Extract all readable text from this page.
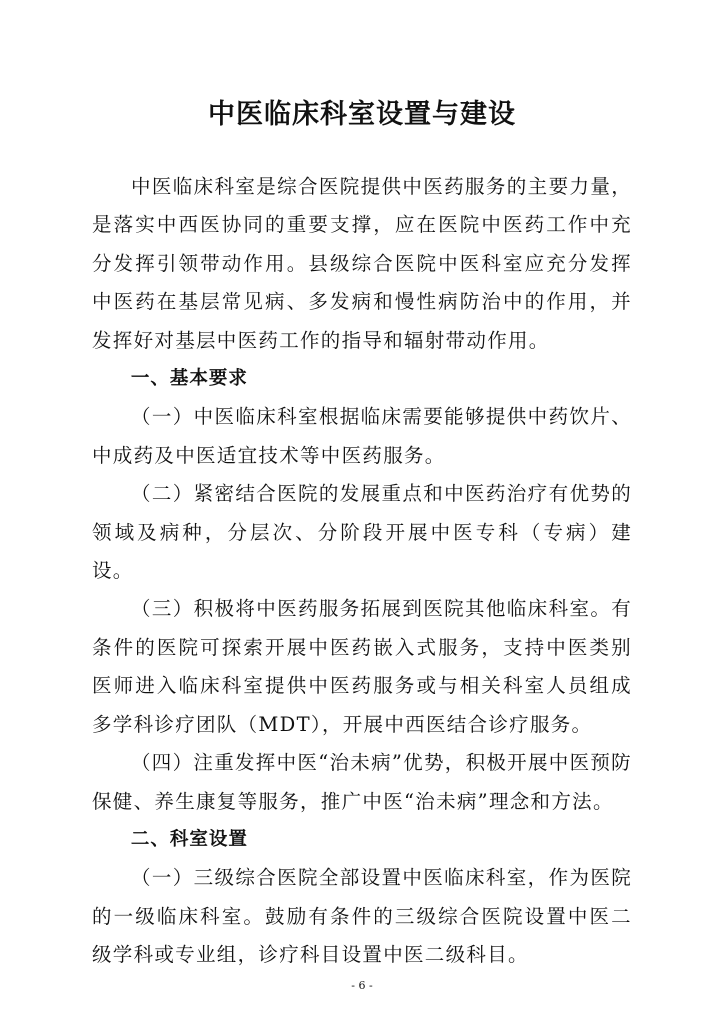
中医临床科室设置与建设

中医临床科室是综合医院提供中医药服务的主要力量，是落实中西医协同的重要支撑，应在医院中医药工作中充分发挥引领带动作用。县级综合医院中医科室应充分发挥中医药在基层常见病、多发病和慢性病防治中的作用，并发挥好对基层中医药工作的指导和辐射带动作用。

一、基本要求

（一）中医临床科室根据临床需要能够提供中药饮片、中成药及中医适宜技术等中医药服务。

（二）紧密结合医院的发展重点和中医药治疗有优势的领域及病种，分层次、分阶段开展中医专科（专病）建设。

（三）积极将中医药服务拓展到医院其他临床科室。有条件的医院可探索开展中医药嵌入式服务，支持中医类别医师进入临床科室提供中医药服务或与相关科室人员组成多学科诊疗团队（MDT），开展中西医结合诊疗服务。

（四）注重发挥中医“治未病”优势，积极开展中医预防保健、养生康复等服务，推广中医“治未病”理念和方法。

二、科室设置

（一）三级综合医院全部设置中医临床科室，作为医院的一级临床科室。鼓励有条件的三级综合医院设置中医二级学科或专业组，诊疗科目设置中医二级科目。

- 6 -
